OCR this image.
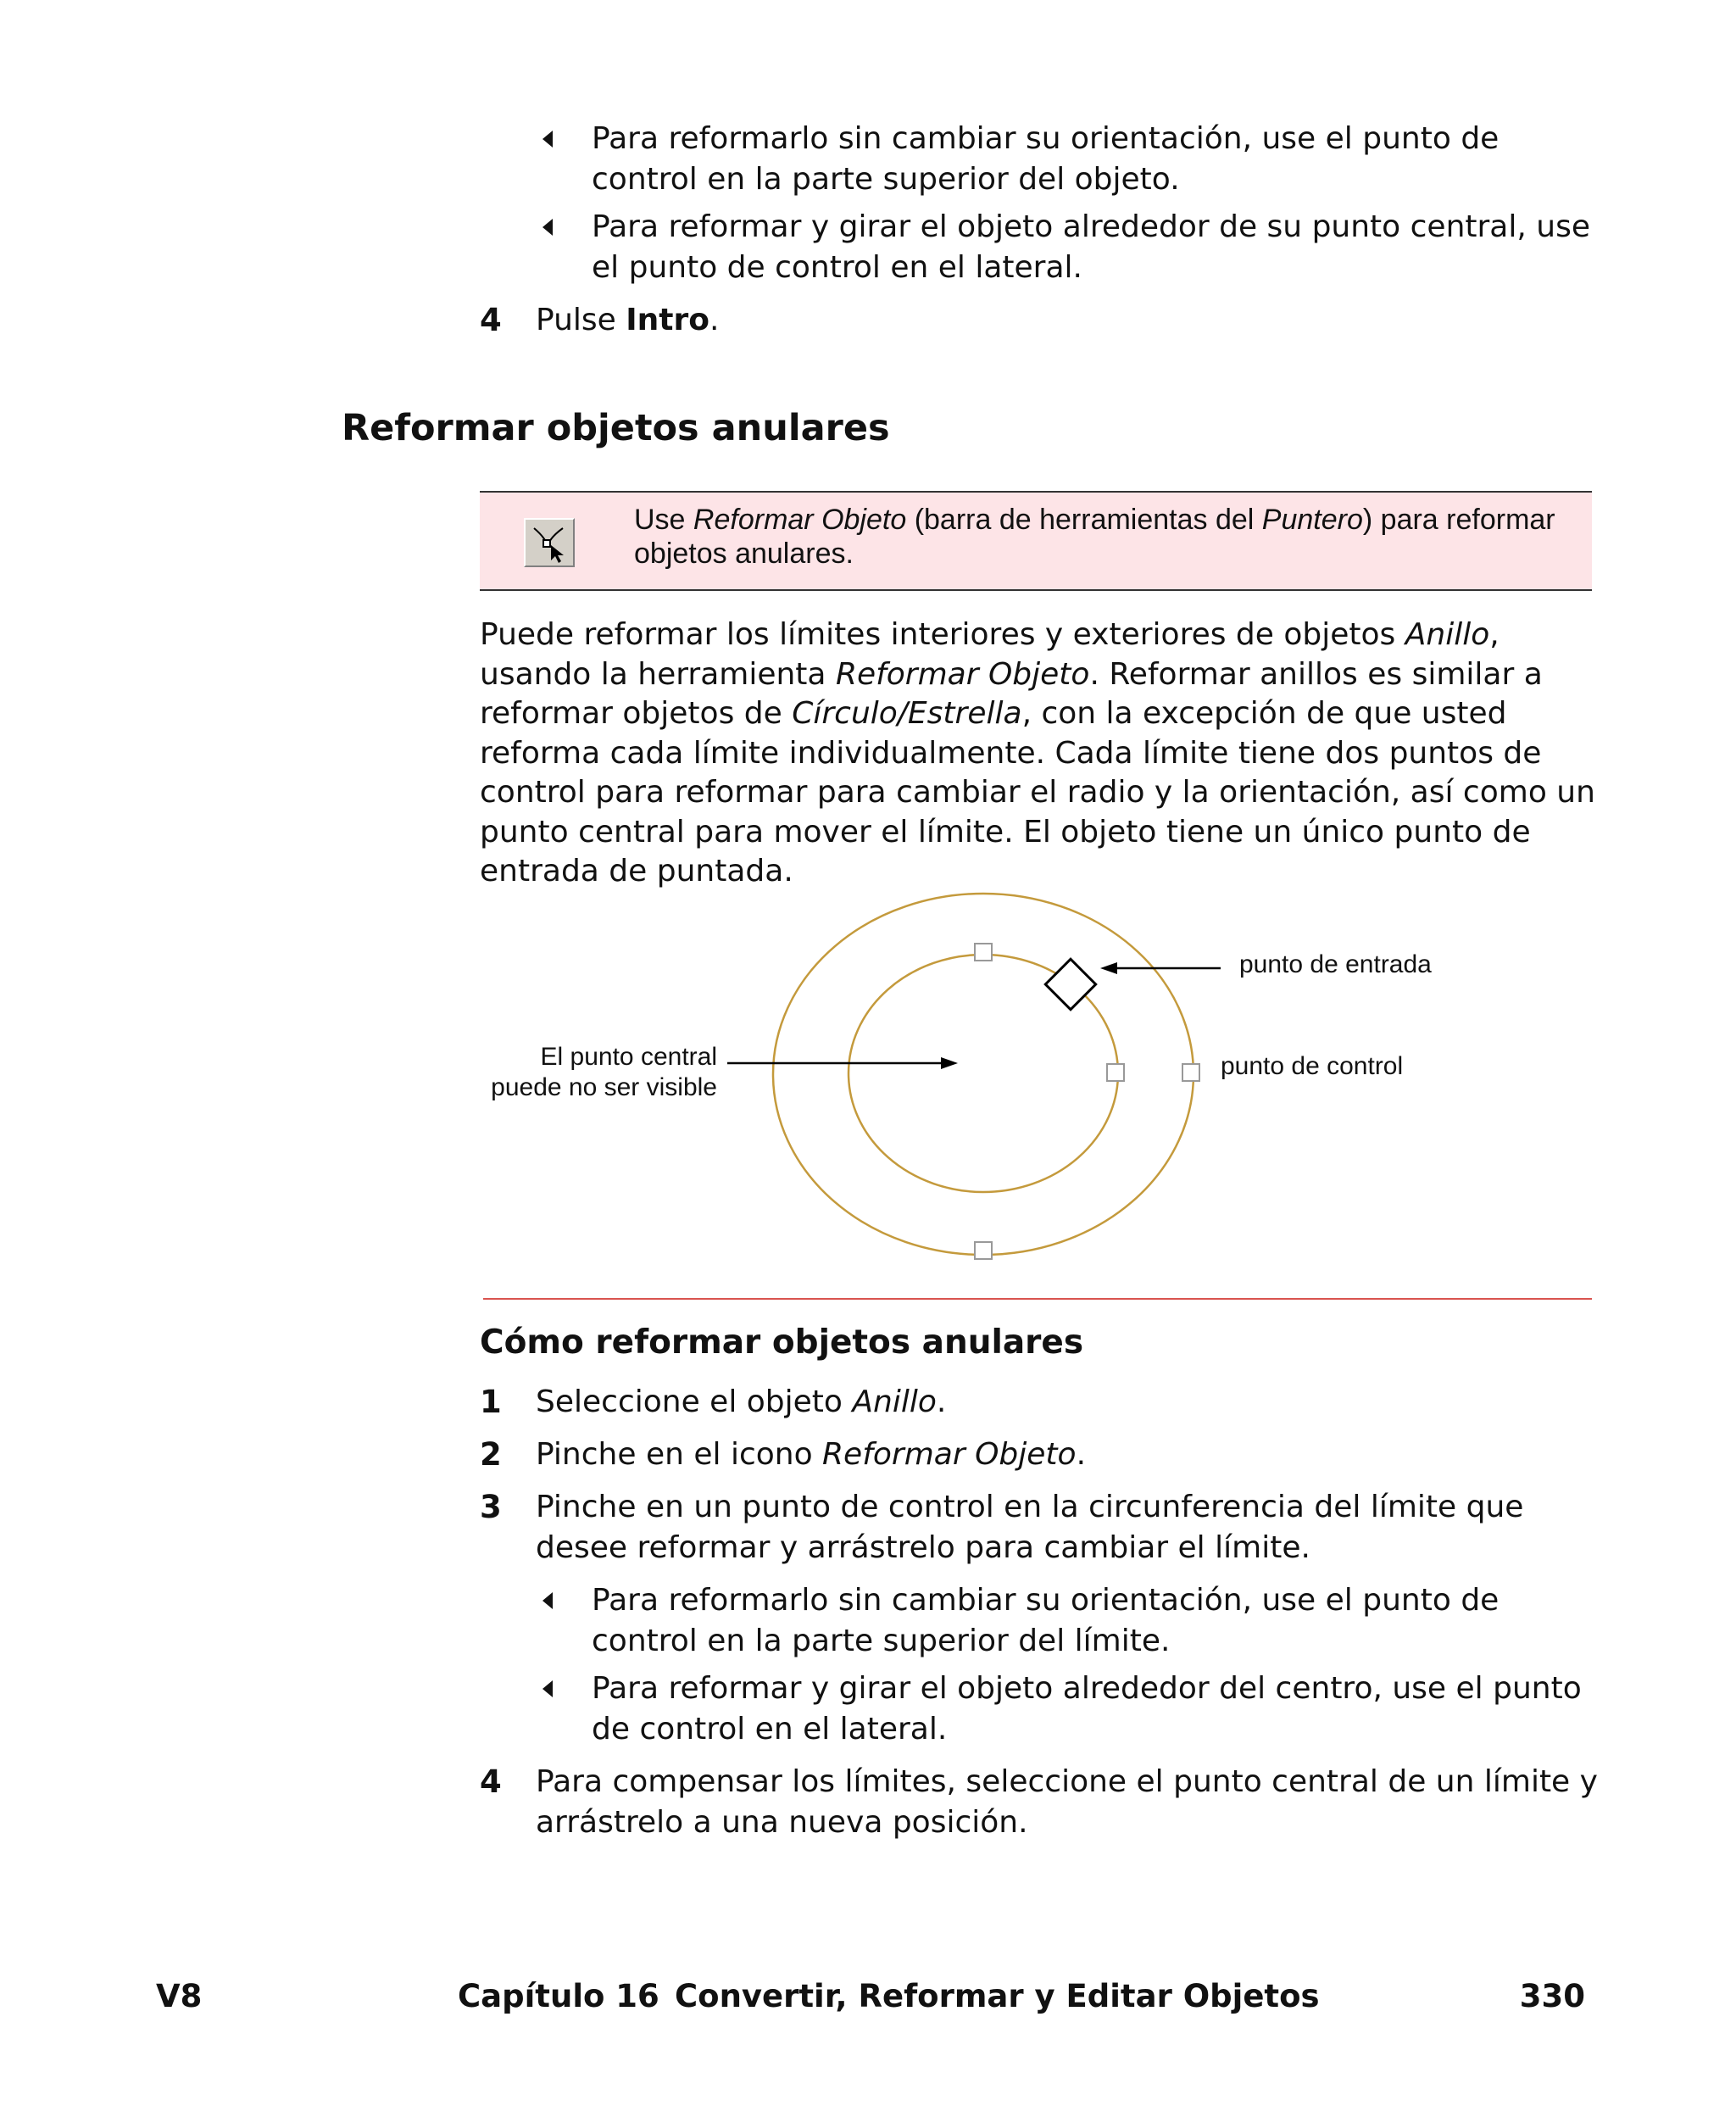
Para reformarlo sin cambiar su orientación, use el punto de control en la parte superior del objeto.
Para reformar y girar el objeto alrededor de su punto central, use el punto de control en el lateral.
4 Pulse Intro.
Reformar objetos anulares
Use Reformar Objeto (barra de herramientas del Puntero) para reformar objetos anulares.
Puede reformar los límites interiores y exteriores de objetos Anillo, usando la herramienta Reformar Objeto. Reformar anillos es similar a reformar objetos de Círculo/Estrella, con la excepción de que usted reforma cada límite individualmente. Cada límite tiene dos puntos de control para reformar para cambiar el radio y la orientación, así como un punto central para mover el límite. El objeto tiene un único punto de entrada de puntada.
punto de entrada
punto de control
El punto central
puede no ser visible
Cómo reformar objetos anulares
1 Seleccione el objeto Anillo.
2 Pinche en el icono Reformar Objeto.
3 Pinche en un punto de control en la circunferencia del límite que desee reformar y arrástrelo para cambiar el límite.
Para reformarlo sin cambiar su orientación, use el punto de control en la parte superior del límite.
Para reformar y girar el objeto alrededor del centro, use el punto de control en el lateral.
4 Para compensar los límites, seleccione el punto central de un límite y arrástrelo a una nueva posición.
V8	Capítulo 16 Convertir, Reformar y Editar Objetos	330
